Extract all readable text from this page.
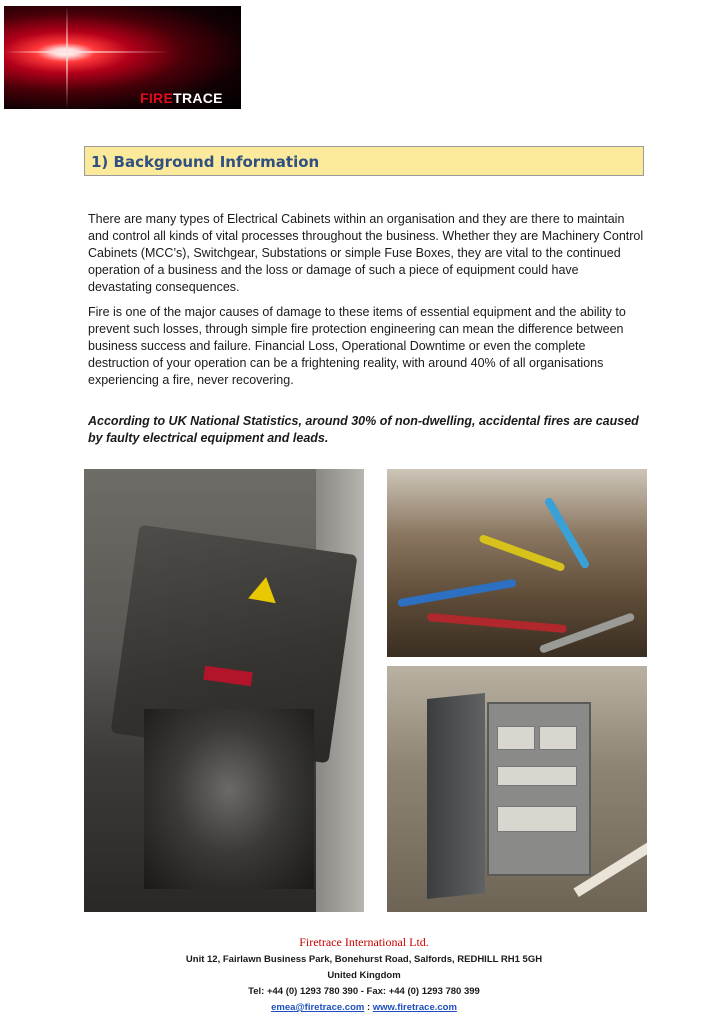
FIRETRACE
1) Background Information
There are many types of Electrical Cabinets within an organisation and they are there to maintain and control all kinds of vital processes throughout the business. Whether they are Machinery Control Cabinets (MCC’s), Switchgear, Substations or simple Fuse Boxes, they are vital to the continued operation of a business and the loss or damage of such a piece of equipment could have devastating consequences.
Fire is one of the major causes of damage to these items of essential equipment and the ability to prevent such losses, through simple fire protection engineering can mean the difference between business success and failure. Financial Loss, Operational Downtime or even the complete destruction of your operation can be a frightening reality, with around 40% of all organisations experiencing a fire, never recovering.
According to UK National Statistics, around 30% of non-dwelling, accidental fires are caused by faulty electrical equipment and leads.
Firetrace International Ltd.
Unit 12, Fairlawn Business Park, Bonehurst Road, Salfords, REDHILL RH1 5GH
United Kingdom
Tel: +44 (0) 1293 780 390 - Fax: +44 (0) 1293 780 399
emea@firetrace.com : www.firetrace.com
